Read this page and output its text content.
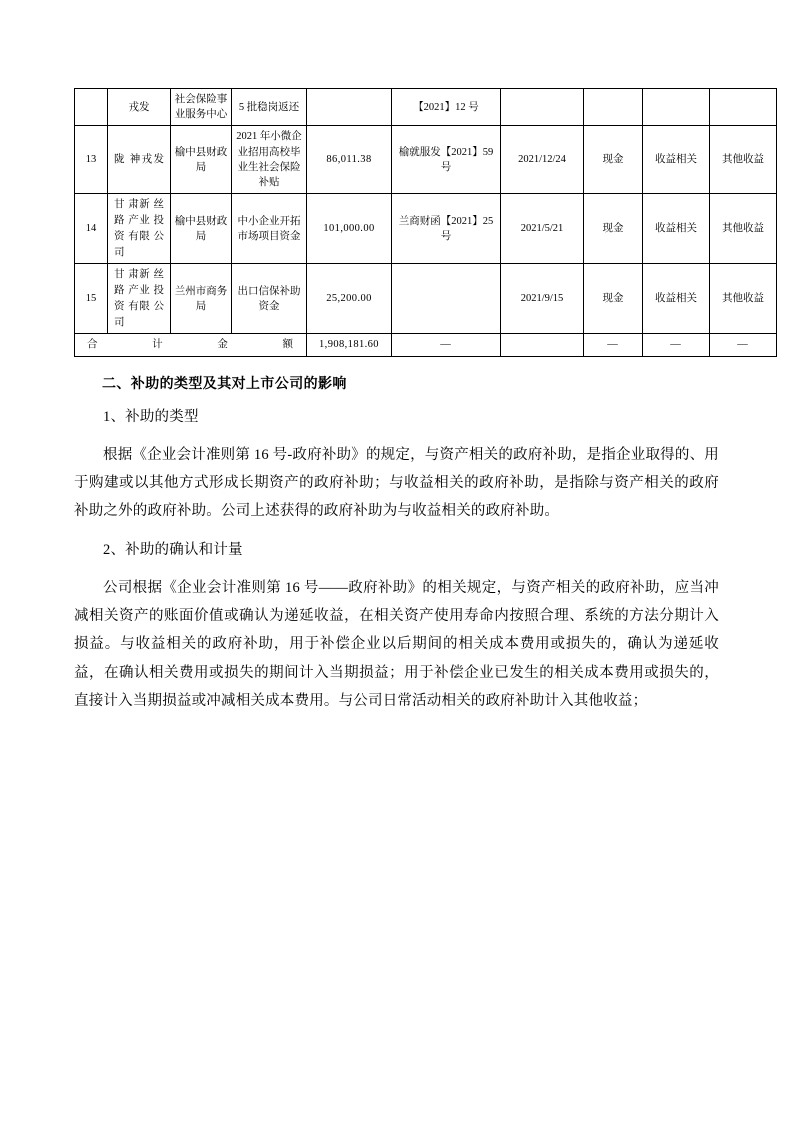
	戎发	社会保险事业服务中心	5 批稳岗返还		【2021】12 号				
13	陇 神戎发	榆中县财政局	2021 年小微企业招用高校毕业生社会保险补贴	86,011.38	榆就服发【2021】59 号	2021/12/24	现金	收益相关	其他收益
14	甘 肃新 丝路 产业 投资 有限 公司	榆中县财政局	中小企业开拓市场项目资金	101,000.00	兰商财函【2021】25 号	2021/5/21	现金	收益相关	其他收益
15	甘 肃新 丝路 产业 投资 有限 公司	兰州市商务局	出口信保补助资金	25,200.00		2021/9/15	现金	收益相关	其他收益

合 计 金 额				1,908,181.60	—		—	—	—
二、补助的类型及其对上市公司的影响

1、补助的类型

根据《企业会计准则第 16 号-政府补助》的规定，与资产相关的政府补助，是指企业取得的、用于购建或以其他方式形成长期资产的政府补助；与收益相关的政府补助，是指除与资产相关的政府补助之外的政府补助。公司上述获得的政府补助为与收益相关的政府补助。

2、补助的确认和计量

公司根据《企业会计准则第 16 号——政府补助》的相关规定，与资产相关的政府补助，应当冲减相关资产的账面价值或确认为递延收益，在相关资产使用寿命内按照合理、系统的方法分期计入损益。与收益相关的政府补助，用于补偿企业以后期间的相关成本费用或损失的，确认为递延收益，在确认相关费用或损失的期间计入当期损益；用于补偿企业已发生的相关成本费用或损失的，直接计入当期损益或冲减相关成本费用。与公司日常活动相关的政府补助计入其他收益；
